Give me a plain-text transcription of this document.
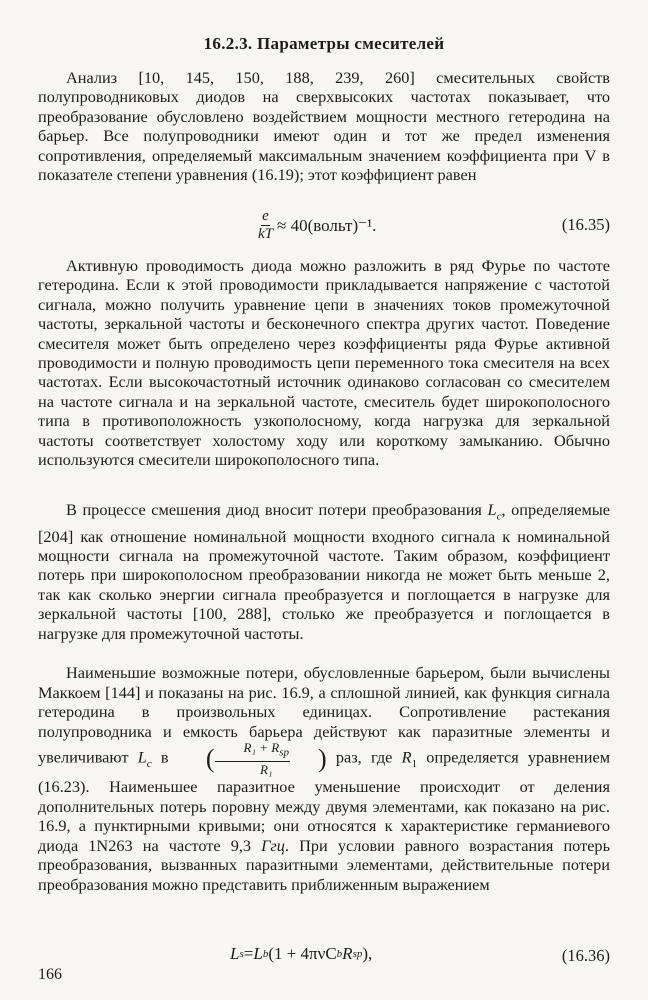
16.2.3. Параметры смесителей

Анализ [10, 145, 150, 188, 239, 260] смесительных свойств полупроводниковых диодов на сверхвысоких частотах показывает, что преобразование обусловлено воздействием мощности местного гетеродина на барьер. Все полупроводники имеют один и тот же предел изменения сопротивления, определяемый максимальным значением коэффициента при V в показателе степени уравнения (16.19); этот коэффициент равен

$\frac{e}{kT}$ ≈ 40(вольт)⁻¹.	(16.35)

Активную проводимость диода можно разложить в ряд Фурье по частоте гетеродина. Если к этой проводимости прикладывается напряжение с частотой сигнала, можно получить уравнение цепи в значениях токов промежуточной частоты, зеркальной частоты и бесконечного спектра других частот. Поведение смесителя может быть определено через коэффициенты ряда Фурье активной проводимости и полную проводимость цепи переменного тока смесителя на всех частотах. Если высокочастотный источник одинаково согласован со смесителем на частоте сигнала и на зеркальной частоте, смеситель будет широкополосного типа в противоположность узкополосному, когда нагрузка для зеркальной частоты соответствует холостому ходу или короткому замыканию. Обычно используются смесители широкополосного типа.

В процессе смешения диод вносит потери преобразования $L_c$, определяемые [204] как отношение номинальной мощности входного сигнала к номинальной мощности сигнала на промежуточной частоте. Таким образом, коэффициент потерь при широкополосном преобразовании никогда не может быть меньше 2, так как сколько энергии сигнала преобразуется и поглощается в нагрузке для зеркальной частоты [100, 288], столько же преобразуется и поглощается в нагрузке для промежуточной частоты.

Наименьшие возможные потери, обусловленные барьером, были вычислены Маккоем [144] и показаны на рис. 16.9, а сплошной линией, как функция сигнала гетеродина в произвольных единицах. Сопротивление растекания полупроводника и емкость барьера действуют как паразитные элементы и увеличивают $L_c$ в	( $\frac{R_1 + R_{sp}}{\text{R₁}}$	) раз, где $R_1$ определяется уравнением (16.23). Наименьшее паразитное уменьшение происходит от деления дополнительных потерь поровну между двумя элементами, как показано на рис. 16.9, а пунктирными кривыми; они относятся к характеристике германиевого диода 1N263 на частоте 9,3 Ггц. При условии равного возрастания потерь преобразования, вызванных паразитными элементами, действительные потери преобразования можно представить приближенным выражением

L s = L b (1 + 4πνC b R sp ),	(16.36)
166
